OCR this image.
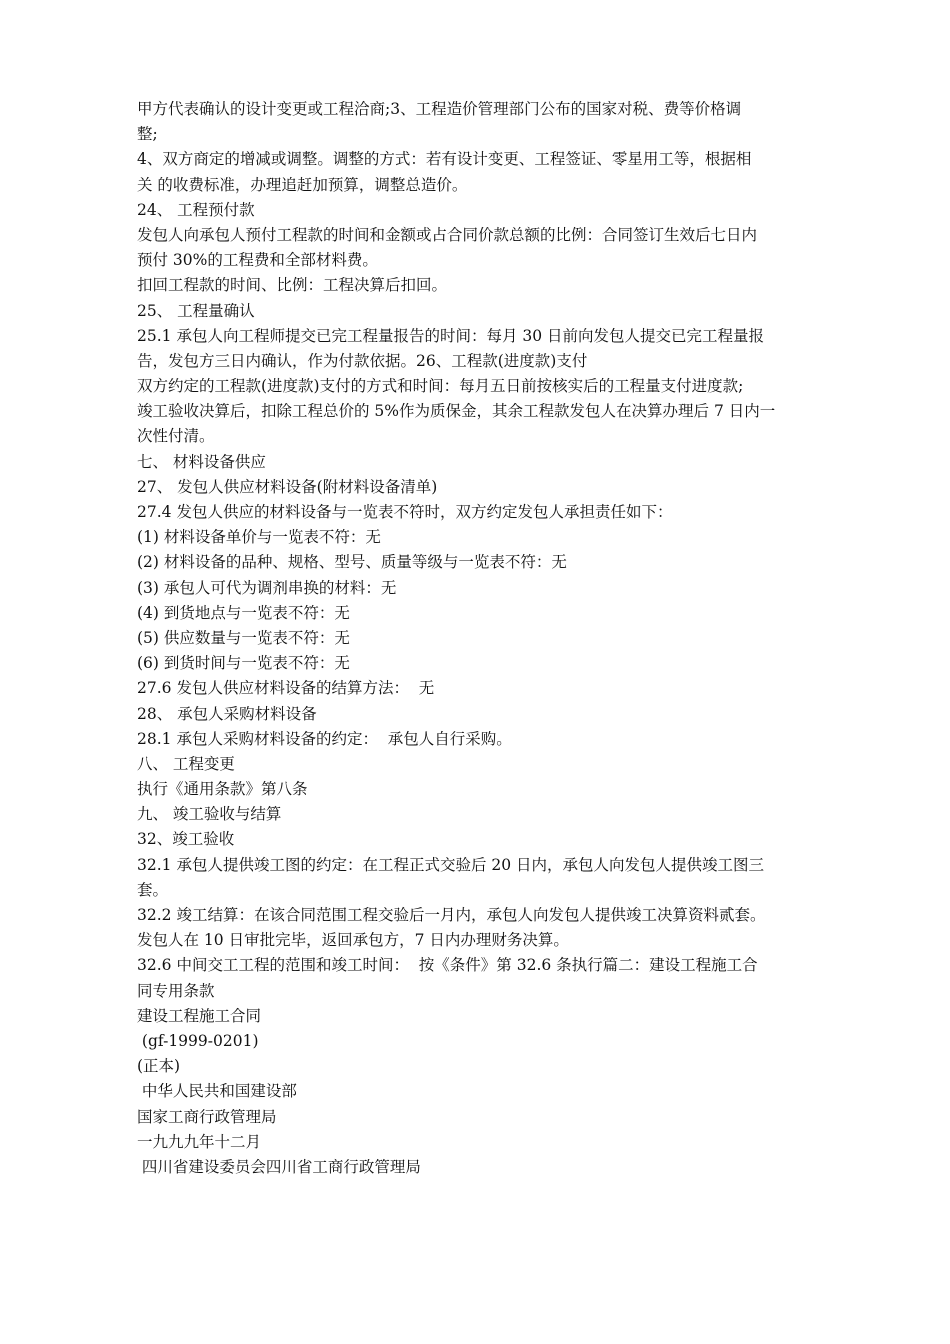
甲方代表确认的设计变更或工程洽商;3、工程造价管理部门公布的国家对税、费等价格调
整;
4、双方商定的增减或调整。调整的方式：若有设计变更、工程签证、零星用工等，根据相
关 的收费标准，办理追赶加预算，调整总造价。
24、 工程预付款
发包人向承包人预付工程款的时间和金额或占合同价款总额的比例：合同签订生效后七日内
预付 30%的工程费和全部材料费。
扣回工程款的时间、比例：工程决算后扣回。
25、 工程量确认
25.1 承包人向工程师提交已完工程量报告的时间：每月 30 日前向发包人提交已完工程量报
告，发包方三日内确认，作为付款依据。26、工程款(进度款)支付
双方约定的工程款(进度款)支付的方式和时间：每月五日前按核实后的工程量支付进度款;
竣工验收决算后，扣除工程总价的 5%作为质保金，其余工程款发包人在决算办理后 7 日内一
次性付清。
七、 材料设备供应
27、 发包人供应材料设备(附材料设备清单)
27.4 发包人供应的材料设备与一览表不符时，双方约定发包人承担责任如下：
(1) 材料设备单价与一览表不符：无
(2) 材料设备的品种、规格、型号、质量等级与一览表不符：无
(3) 承包人可代为调剂串换的材料：无
(4) 到货地点与一览表不符：无
(5) 供应数量与一览表不符：无
(6) 到货时间与一览表不符：无
27.6 发包人供应材料设备的结算方法：  无
28、 承包人采购材料设备
28.1 承包人采购材料设备的约定：  承包人自行采购。
八、 工程变更
执行《通用条款》第八条
九、 竣工验收与结算
32、竣工验收
32.1 承包人提供竣工图的约定：在工程正式交验后 20 日内，承包人向发包人提供竣工图三
套。
32.2 竣工结算：在该合同范围工程交验后一月内，承包人向发包人提供竣工决算资料贰套。
发包人在 10 日审批完毕，返回承包方，7 日内办理财务决算。
32.6 中间交工工程的范围和竣工时间：  按《条件》第 32.6 条执行篇二：建设工程施工合
同专用条款
建设工程施工合同
(gf-1999-0201)
(正本)
中华人民共和国建设部
国家工商行政管理局
一九九九年十二月
四川省建设委员会四川省工商行政管理局
